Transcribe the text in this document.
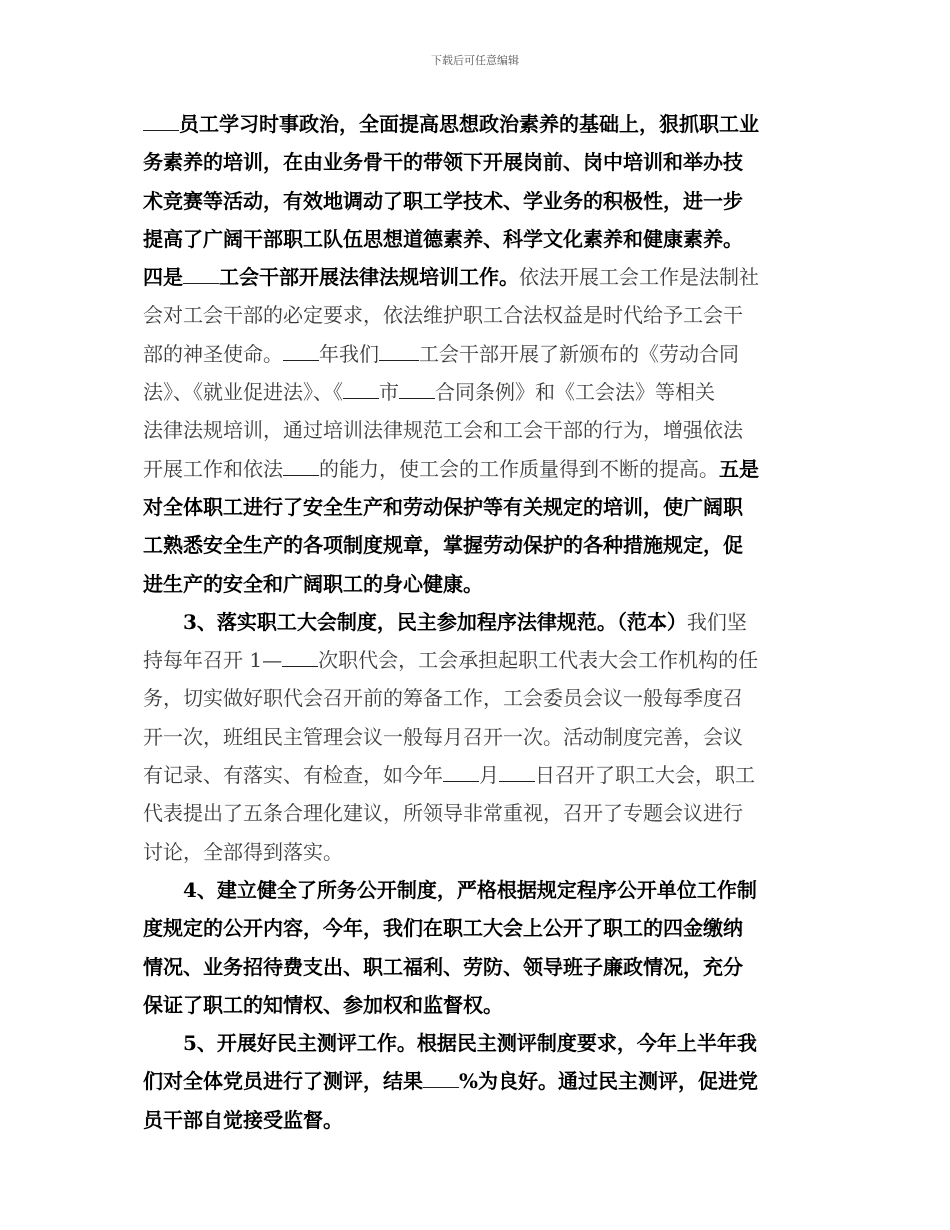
下载后可任意编辑
员工学习时事政治，全面提高思想政治素养的基础上，狠抓职工业
务素养的培训，在由业务骨干的带领下开展岗前、岗中培训和举办技
术竞赛等活动，有效地调动了职工学技术、学业务的积极性，进一步
提高了广阔干部职工队伍思想道德素养、科学文化素养和健康素养。
四是 工会干部开展法律法规培训工作。依法开展工会工作是法制社
会对工会干部的必定要求，依法维护职工合法权益是时代给予工会干
部的神圣使命。 年我们 工会干部开展了新颁布的《劳动合同
法》、《就业促进法》、《 市 合同条例》和《工会法》等相关
法律法规培训，通过培训法律规范工会和工会干部的行为，增强依法
开展工作和依法 的能力，使工会的工作质量得到不断的提高。五是
对全体职工进行了安全生产和劳动保护等有关规定的培训，使广阔职
工熟悉安全生产的各项制度规章，掌握劳动保护的各种措施规定，促
进生产的安全和广阔职工的身心健康。
3、落实职工大会制度，民主参加程序法律规范。（范本）我们坚
持每年召开 1— 次职代会，工会承担起职工代表大会工作机构的任
务，切实做好职代会召开前的筹备工作，工会委员会议一般每季度召
开一次，班组民主管理会议一般每月召开一次。活动制度完善，会议
有记录、有落实、有检查，如今年 月 日召开了职工大会，职工
代表提出了五条合理化建议，所领导非常重视，召开了专题会议进行
讨论，全部得到落实。
4、建立健全了所务公开制度，严格根据规定程序公开单位工作制
度规定的公开内容，今年，我们在职工大会上公开了职工的四金缴纳
情况、业务招待费支出、职工福利、劳防、领导班子廉政情况，充分
保证了职工的知情权、参加权和监督权。
5、开展好民主测评工作。根据民主测评制度要求，今年上半年我
们对全体党员进行了测评，结果 %为良好。通过民主测评，促进党
员干部自觉接受监督。
